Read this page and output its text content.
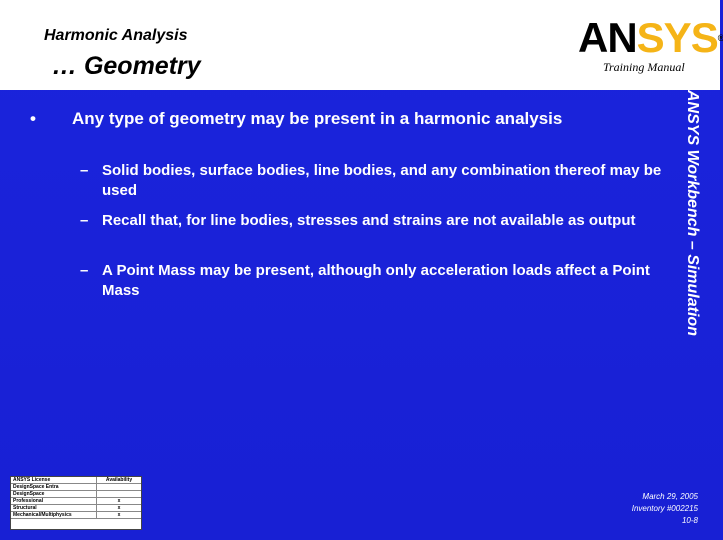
Harmonic Analysis
… Geometry
ANSYS®
Training Manual
ANSYS Workbench – Simulation
• Any type of geometry may be present in a harmonic analysis
– Solid bodies, surface bodies, line bodies, and any combination thereof may be used
– Recall that, for line bodies, stresses and strains are not available as output
– A Point Mass may be present, although only acceleration loads affect a Point Mass
ANSYS License	Availability
DesignSpace Entra	
DesignSpace	
Professional	x
Structural	x
Mechanical/Multiphysics	x
March 29, 2005
Inventory #002215
10-8
